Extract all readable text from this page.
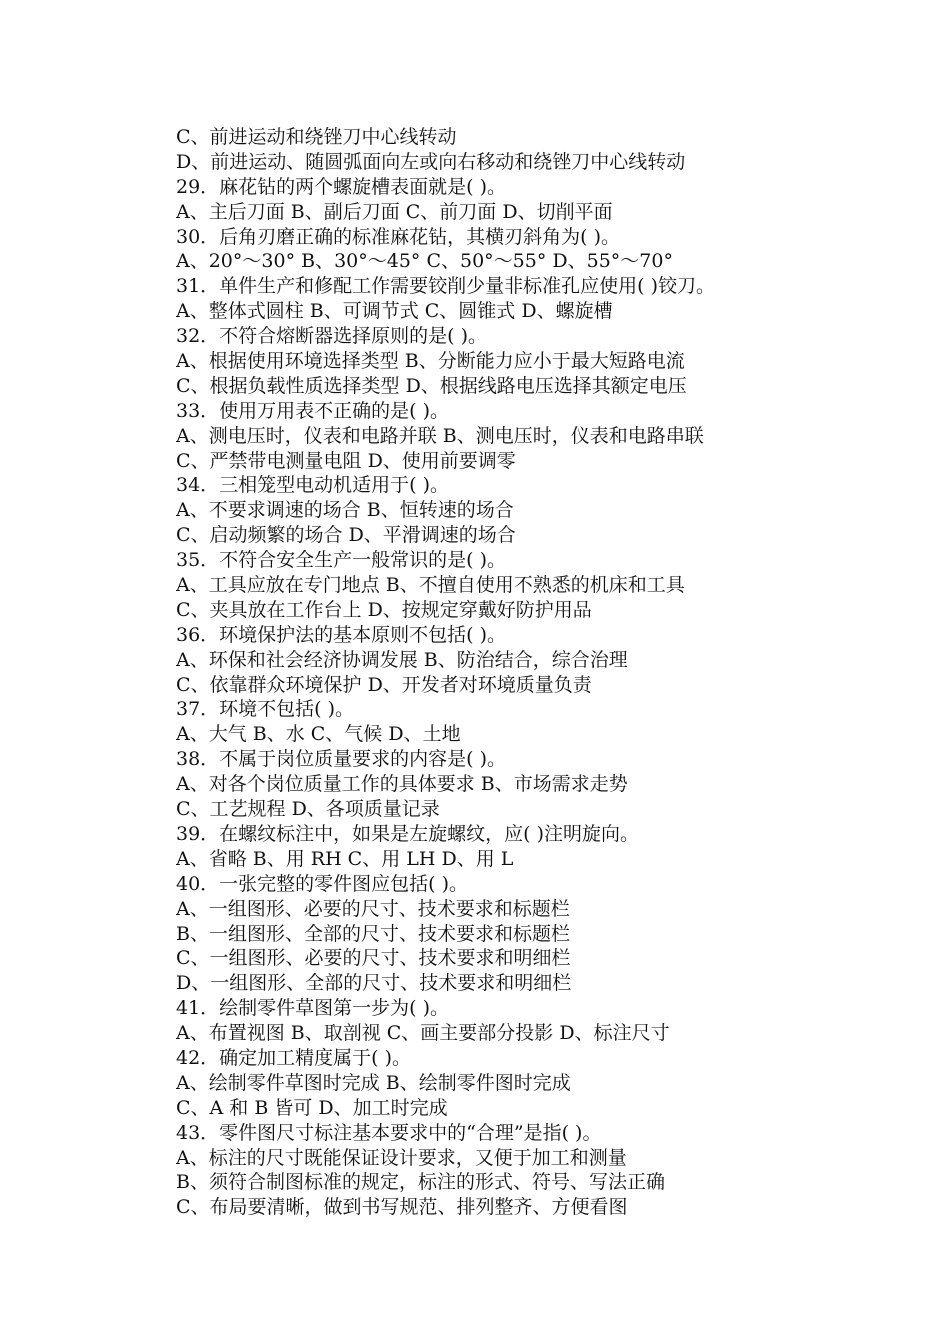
C、前进运动和绕锉刀中心线转动
D、前进运动、随圆弧面向左或向右移动和绕锉刀中心线转动
29．麻花钻的两个螺旋槽表面就是( )。
A、主后刀面 B、副后刀面 C、前刀面 D、切削平面
30．后角刃磨正确的标准麻花钻，其横刃斜角为( )。
A、20°～30° B、30°～45° C、50°～55° D、55°～70°
31．单件生产和修配工作需要铰削少量非标准孔应使用( )铰刀。
A、整体式圆柱 B、可调节式 C、圆锥式 D、螺旋槽
32．不符合熔断器选择原则的是( )。
A、根据使用环境选择类型 B、分断能力应小于最大短路电流
C、根据负载性质选择类型 D、根据线路电压选择其额定电压
33．使用万用表不正确的是( )。
A、测电压时，仪表和电路并联 B、测电压时，仪表和电路串联
C、严禁带电测量电阻 D、使用前要调零
34．三相笼型电动机适用于( )。
A、不要求调速的场合 B、恒转速的场合
C、启动频繁的场合 D、平滑调速的场合
35．不符合安全生产一般常识的是( )。
A、工具应放在专门地点 B、不擅自使用不熟悉的机床和工具
C、夹具放在工作台上 D、按规定穿戴好防护用品
36．环境保护法的基本原则不包括( )。
A、环保和社会经济协调发展 B、防治结合，综合治理
C、依靠群众环境保护 D、开发者对环境质量负责
37．环境不包括( )。
A、大气 B、水 C、气候 D、土地
38．不属于岗位质量要求的内容是( )。
A、对各个岗位质量工作的具体要求 B、市场需求走势
C、工艺规程 D、各项质量记录
39．在螺纹标注中，如果是左旋螺纹，应( )注明旋向。
A、省略 B、用 RH C、用 LH D、用 L
40．一张完整的零件图应包括( )。
A、一组图形、必要的尺寸、技术要求和标题栏
B、一组图形、全部的尺寸、技术要求和标题栏
C、一组图形、必要的尺寸、技术要求和明细栏
D、一组图形、全部的尺寸、技术要求和明细栏
41．绘制零件草图第一步为( )。
A、布置视图 B、取剖视 C、画主要部分投影 D、标注尺寸
42．确定加工精度属于( )。
A、绘制零件草图时完成 B、绘制零件图时完成
C、A 和 B 皆可 D、加工时完成
43．零件图尺寸标注基本要求中的“合理”是指( )。
A、标注的尺寸既能保证设计要求，又便于加工和测量
B、须符合制图标准的规定，标注的形式、符号、写法正确
C、布局要清晰，做到书写规范、排列整齐、方便看图
